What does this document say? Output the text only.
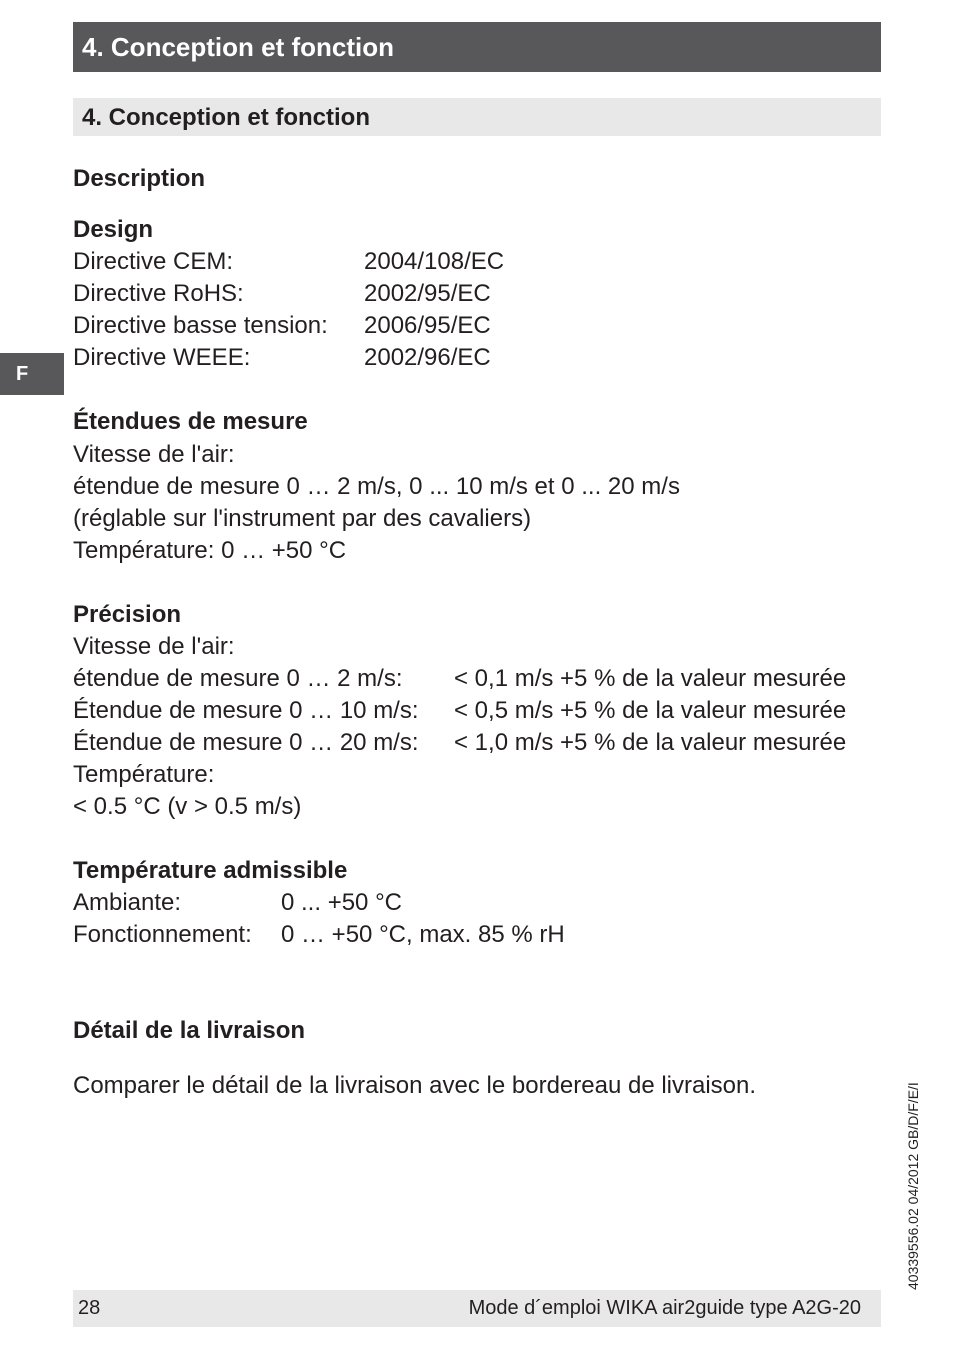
4. Conception et fonction
4. Conception et fonction
F
Description
Design
Directive CEM:	2004/108/EC
Directive RoHS:	2002/95/EC
Directive basse tension: 2006/95/EC
Directive WEEE:	2002/96/EC
Étendues de mesure
Vitesse de l'air:
étendue de mesure 0 … 2 m/s, 0 ... 10 m/s et 0 ... 20 m/s
(réglable sur l'instrument par des cavaliers)
Température: 0 … +50 °C
Précision
Vitesse de l'air:
étendue de mesure 0 … 2 m/s: < 0,1 m/s +5 % de la valeur mesurée
Étendue de mesure 0 … 10 m/s: < 0,5 m/s +5 % de la valeur mesurée
Étendue de mesure 0 … 20 m/s: < 1,0 m/s +5 % de la valeur mesurée
Température:
< 0.5 °C (v > 0.5 m/s)
Température admissible
Ambiante:	0 ... +50 °C
Fonctionnement: 0 … +50 °C, max. 85 % rH
Détail de la livraison
Comparer le détail de la livraison avec le bordereau de livraison.	40339556.02 04/2012 GB/D/F/E/I
28	Mode d´emploi WIKA air2guide type A2G-20
